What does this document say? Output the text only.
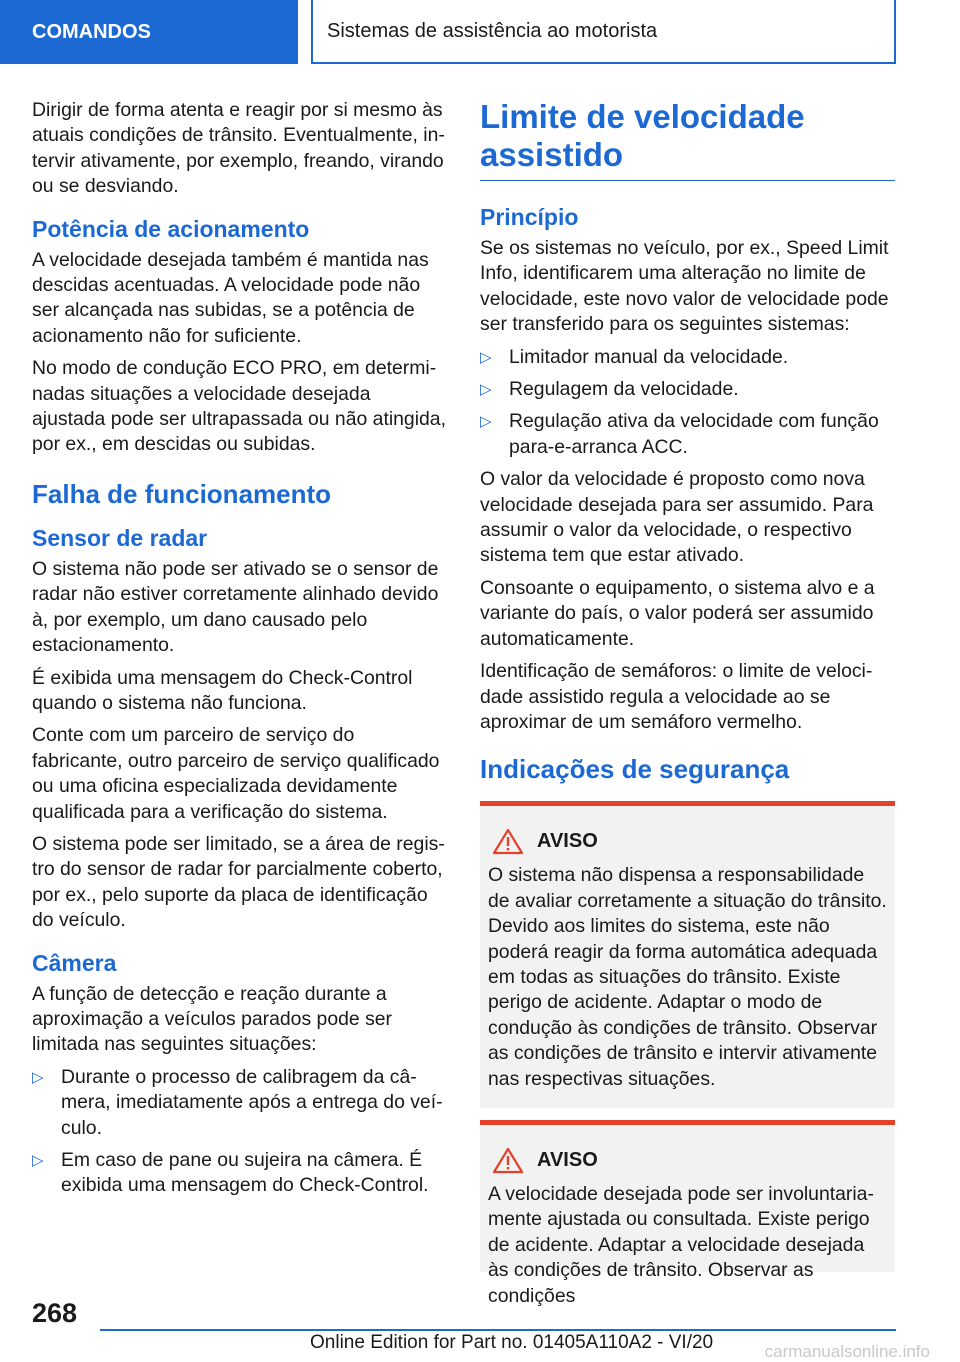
COMANDOS	Sistemas de assistência ao motorista

Dirigir de forma atenta e reagir por si mesmo às atuais condições de trânsito. Eventualmente, intervir ativamente, por exemplo, freando, virando ou se desviando.

Potência de acionamento

A velocidade desejada também é mantida nas descidas acentuadas. A velocidade pode não ser alcançada nas subidas, se a potência de acionamento não for suficiente.

No modo de condução ECO PRO, em determinadas situações a velocidade desejada ajustada pode ser ultrapassada ou não atingida, por ex., em descidas ou subidas.

Falha de funcionamento
Sensor de radar

O sistema não pode ser ativado se o sensor de radar não estiver corretamente alinhado devido à, por exemplo, um dano causado pelo estacionamento.

É exibida uma mensagem do Check-Control quando o sistema não funciona.

Conte com um parceiro de serviço do fabricante, outro parceiro de serviço qualificado ou uma oficina especializada devidamente qualificada para a verificação do sistema.

O sistema pode ser limitado, se a área de registro do sensor de radar for parcialmente coberto, por ex., pelo suporte da placa de identificação do veículo.

Câmera

A função de detecção e reação durante a aproximação a veículos parados pode ser limitada nas seguintes situações:

▷ Durante o processo de calibragem da câmera, imediatamente após a entrega do veículo.
▷ Em caso de pane ou sujeira na câmera. É exibida uma mensagem do Check-Control.
Limite de velocidade assistido
Princípio

Se os sistemas no veículo, por ex., Speed Limit Info, identificarem uma alteração no limite de velocidade, este novo valor de velocidade pode ser transferido para os seguintes sistemas:

▷ Limitador manual da velocidade.
▷ Regulagem da velocidade.
▷ Regulação ativa da velocidade com função para-e-arranca ACC.

O valor da velocidade é proposto como nova velocidade desejada para ser assumido. Para assumir o valor da velocidade, o respectivo sistema tem que estar ativado.

Consoante o equipamento, o sistema alvo e a variante do país, o valor poderá ser assumido automaticamente.

Identificação de semáforos: o limite de velocidade assistido regula a velocidade ao se aproximar de um semáforo vermelho.

Indicações de segurança
AVISO

O sistema não dispensa a responsabilidade de avaliar corretamente a situação do trânsito. Devido aos limites do sistema, este não poderá reagir da forma automática adequada em todas as situações do trânsito. Existe perigo de acidente. Adaptar o modo de condução às condições de trânsito. Observar as condições de trânsito e intervir ativamente nas respectivas situações.

AVISO

A velocidade desejada pode ser involuntariamente ajustada ou consultada. Existe perigo de acidente. Adaptar a velocidade desejada às condições de trânsito. Observar as condições

268
Online Edition for Part no. 01405A110A2 - VI/20	carmanualsonline.info
